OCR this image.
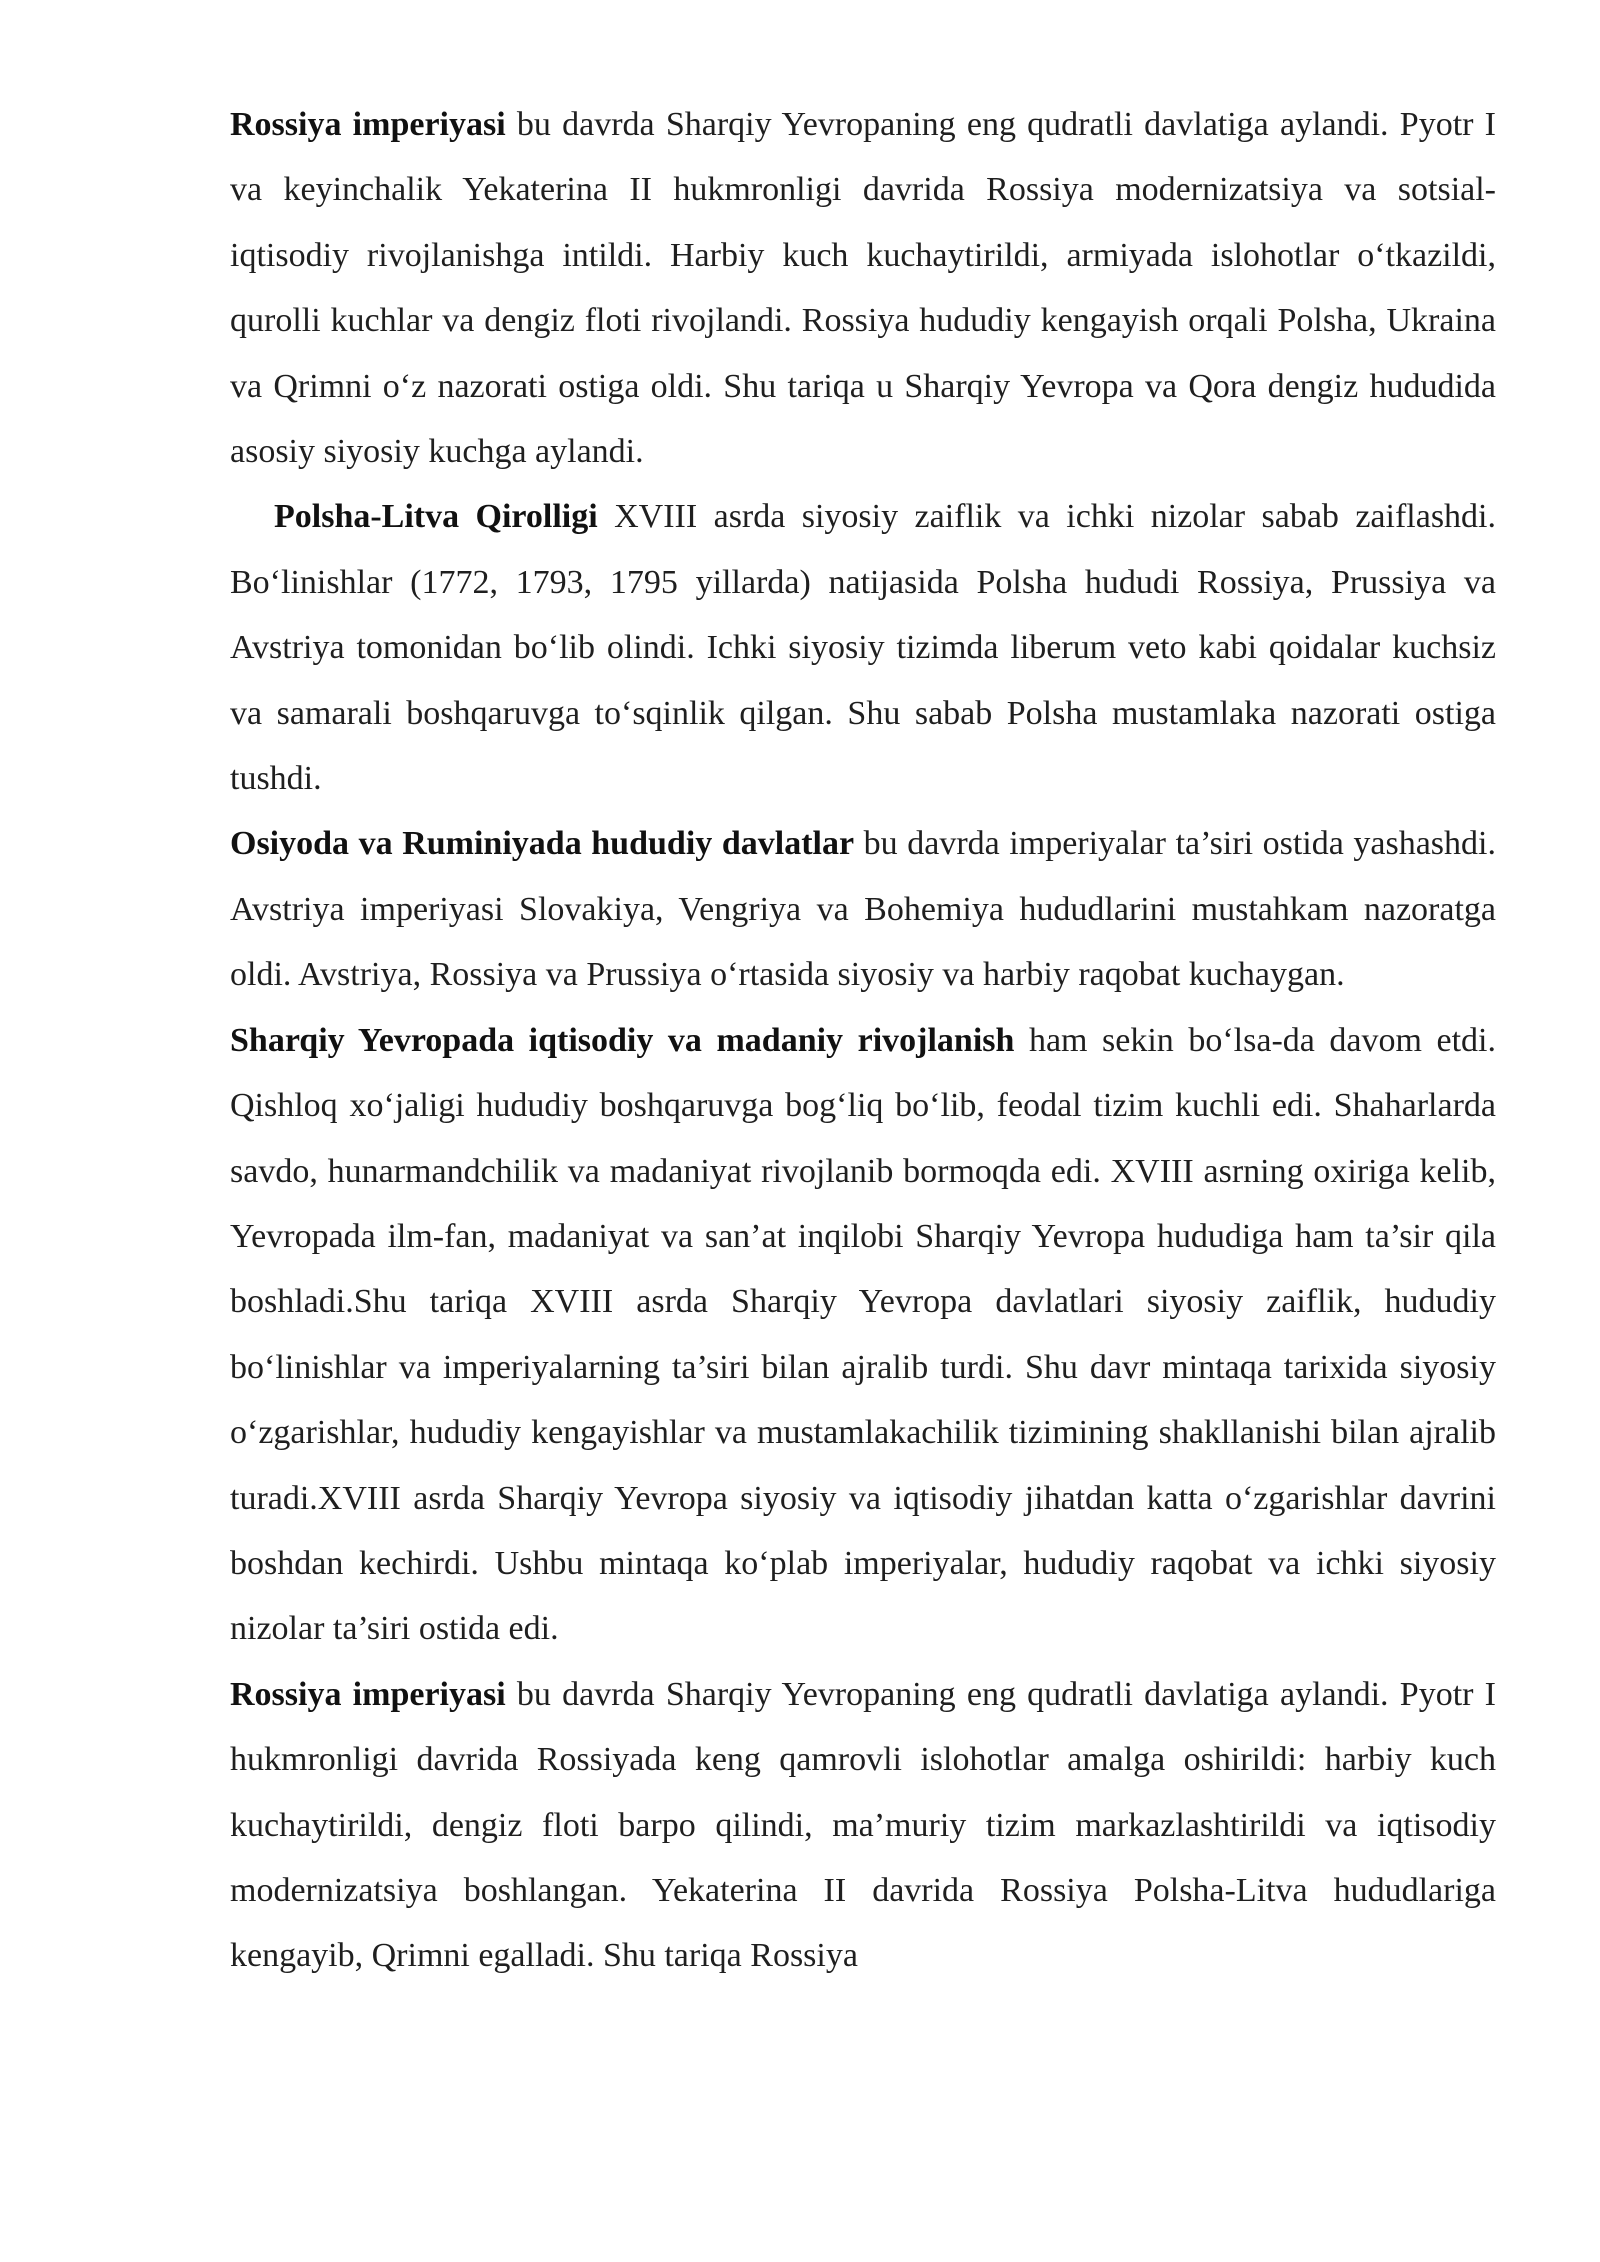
Rossiya imperiyasi bu davrda Sharqiy Yevropaning eng qudratli davlatiga aylandi. Pyotr I va keyinchalik Yekaterina II hukmronligi davrida Rossiya modernizatsiya va sotsial-iqtisodiy rivojlanishga intildi. Harbiy kuch kuchaytirildi, armiyada islohotlar o‘tkazildi, qurolli kuchlar va dengiz floti rivojlandi. Rossiya hududiy kengayish orqali Polsha, Ukraina va Qrimni o‘z nazorati ostiga oldi. Shu tariqa u Sharqiy Yevropa va Qora dengiz hududida asosiy siyosiy kuchga aylandi.

Polsha-Litva Qirolligi XVIII asrda siyosiy zaiflik va ichki nizolar sabab zaiflashdi. Bo‘linishlar (1772, 1793, 1795 yillarda) natijasida Polsha hududi Rossiya, Prussiya va Avstriya tomonidan bo‘lib olindi. Ichki siyosiy tizimda liberum veto kabi qoidalar kuchsiz va samarali boshqaruvga to‘sqinlik qilgan. Shu sabab Polsha mustamlaka nazorati ostiga tushdi.

Osiyoda va Ruminiyada hududiy davlatlar bu davrda imperiyalar ta’siri ostida yashashdi. Avstriya imperiyasi Slovakiya, Vengriya va Bohemiya hududlarini mustahkam nazoratga oldi. Avstriya, Rossiya va Prussiya o‘rtasida siyosiy va harbiy raqobat kuchaygan.

Sharqiy Yevropada iqtisodiy va madaniy rivojlanish ham sekin bo‘lsa-da davom etdi. Qishloq xo‘jaligi hududiy boshqaruvga bog‘liq bo‘lib, feodal tizim kuchli edi. Shaharlarda savdo, hunarmandchilik va madaniyat rivojlanib bormoqda edi. XVIII asrning oxiriga kelib, Yevropada ilm-fan, madaniyat va san’at inqilobi Sharqiy Yevropa hududiga ham ta’sir qila boshladi.Shu tariqa XVIII asrda Sharqiy Yevropa davlatlari siyosiy zaiflik, hududiy bo‘linishlar va imperiyalarning ta’siri bilan ajralib turdi. Shu davr mintaqa tarixida siyosiy o‘zgarishlar, hududiy kengayishlar va mustamlakachilik tizimining shakllanishi bilan ajralib turadi.XVIII asrda Sharqiy Yevropa siyosiy va iqtisodiy jihatdan katta o‘zgarishlar davrini boshdan kechirdi. Ushbu mintaqa ko‘plab imperiyalar, hududiy raqobat va ichki siyosiy nizolar ta’siri ostida edi.

Rossiya imperiyasi bu davrda Sharqiy Yevropaning eng qudratli davlatiga aylandi. Pyotr I hukmronligi davrida Rossiyada keng qamrovli islohotlar amalga oshirildi: harbiy kuch kuchaytirildi, dengiz floti barpo qilindi, ma’muriy tizim markazlashtirildi va iqtisodiy modernizatsiya boshlangan. Yekaterina II davrida Rossiya Polsha-Litva hududlariga kengayib, Qrimni egalladi. Shu tariqa Rossiya
